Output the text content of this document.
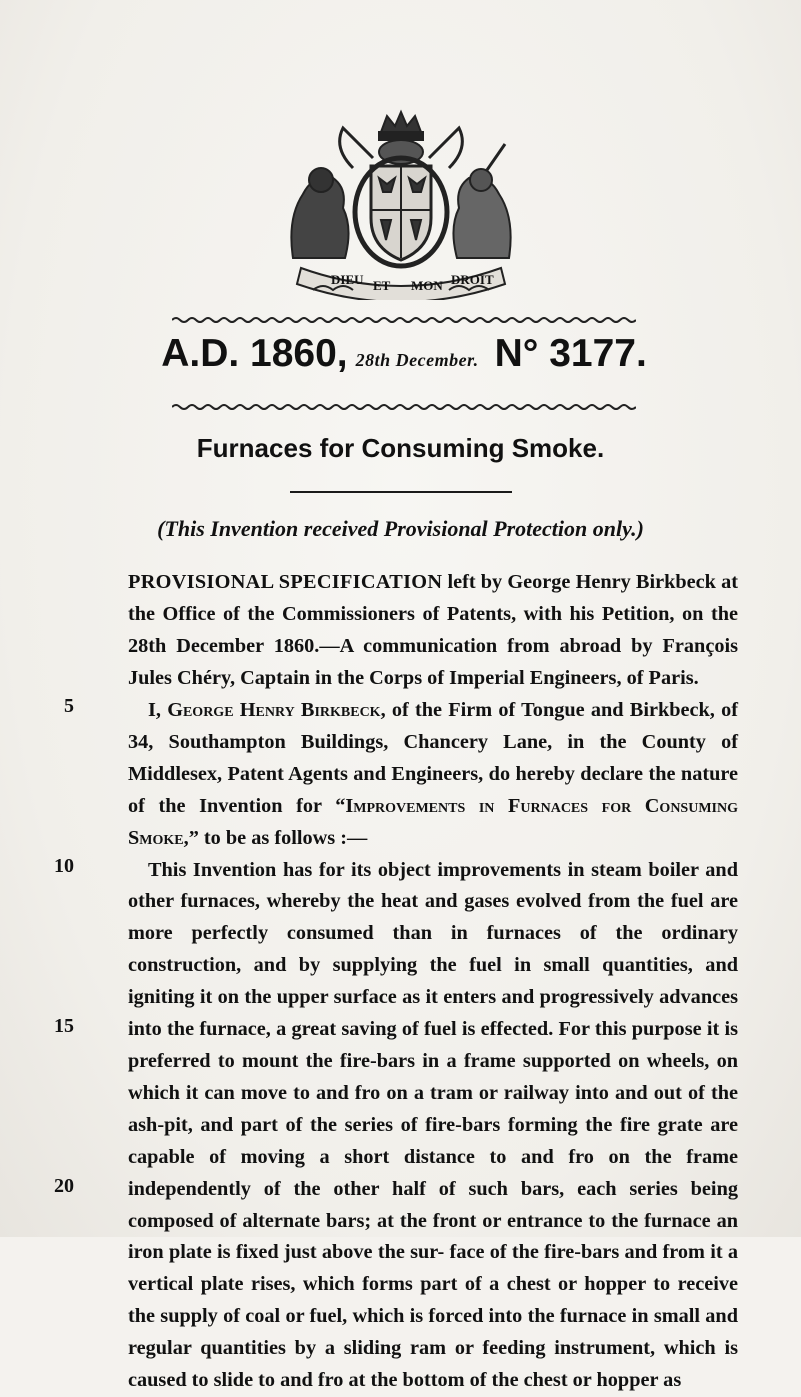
DIEU ET MON DROIT
A.D. 1860, 28th December. N° 3177.
Furnaces for Consuming Smoke.
(This Invention received Provisional Protection only.)
PROVISIONAL SPECIFICATION left by George Henry Birkbeck at the Office of the Commissioners of Patents, with his Petition, on the 28th December 1860.—A communication from abroad by François Jules Chéry, Captain in the Corps of Imperial Engineers, of Paris.
5
10
15
20

I, George Henry Birkbeck, of the Firm of Tongue and Birkbeck, of 34, Southampton Buildings, Chancery Lane, in the County of Middlesex, Patent Agents and Engineers, do hereby declare the nature of the Invention for “Improvements in Furnaces for Consuming Smoke,” to be as follows :—

This Invention has for its object improvements in steam boiler and other furnaces, whereby the heat and gases evolved from the fuel are more perfectly consumed than in furnaces of the ordinary construction, and by supplying the fuel in small quantities, and igniting it on the upper surface as it enters and progressively advances into the furnace, a great saving of fuel is effected. For this purpose it is preferred to mount the fire-bars in a frame supported on wheels, on which it can move to and fro on a tram or railway into and out of the ash-pit, and part of the series of fire-bars forming the fire grate are capable of moving a short distance to and fro on the frame independently of the other half of such bars, each series being composed of alternate bars; at the front or entrance to the furnace an iron plate is fixed just above the sur- face of the fire-bars and from it a vertical plate rises, which forms part of a chest or hopper to receive the supply of coal or fuel, which is forced into the furnace in small and regular quantities by a sliding ram or feeding instrument, which is caused to slide to and fro at the bottom of the chest or hopper as
